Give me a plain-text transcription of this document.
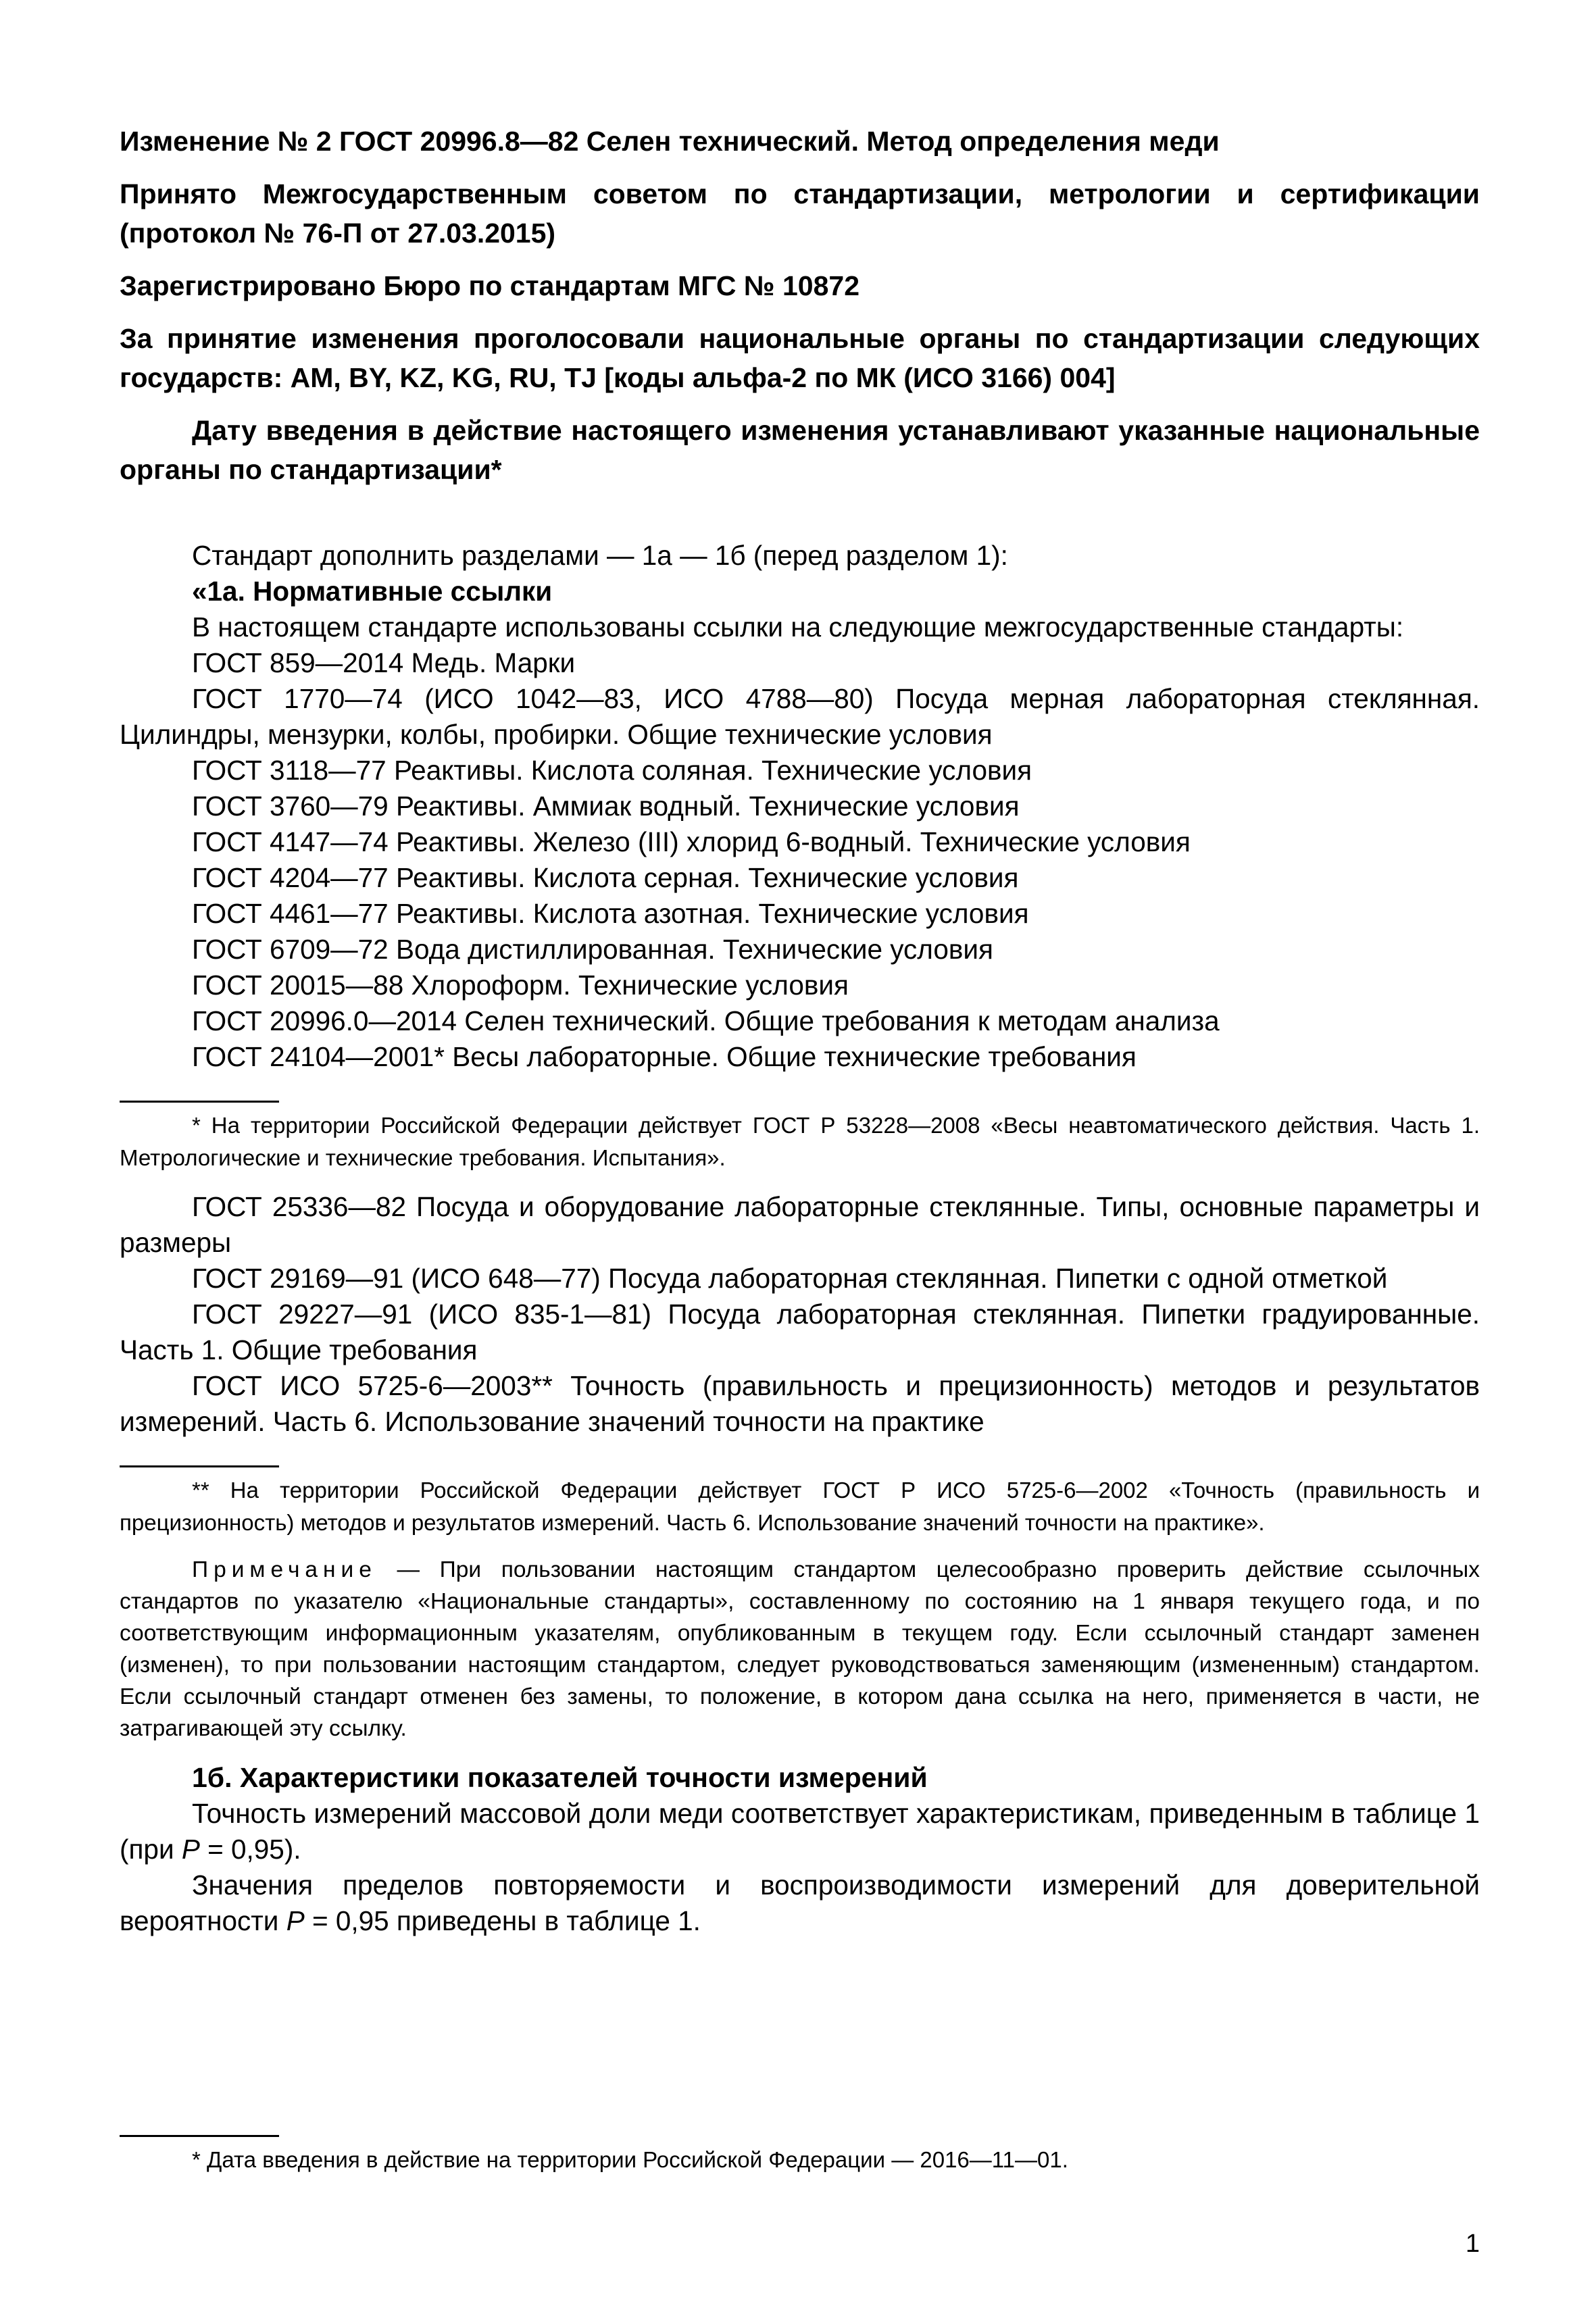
Изменение № 2 ГОСТ 20996.8—82 Селен технический. Метод определения меди

Принято Межгосударственным советом по стандартизации, метрологии и сертификации (протокол № 76-П от 27.03.2015)

Зарегистрировано Бюро по стандартам МГС № 10872

За принятие изменения проголосовали национальные органы по стандартизации следующих государств: AM, BY, KZ, KG, RU, TJ [коды альфа-2 по МК (ИСО 3166) 004]

Дату введения в действие настоящего изменения устанавливают указанные национальные органы по стандартизации*

Стандарт дополнить разделами — 1а — 1б (перед разделом 1):

«1а. Нормативные ссылки

В настоящем стандарте использованы ссылки на следующие межгосударственные стандарты:

ГОСТ 859—2014 Медь. Марки

ГОСТ 1770—74 (ИСО 1042—83, ИСО 4788—80) Посуда мерная лабораторная стеклянная. Цилиндры, мензурки, колбы, пробирки. Общие технические условия

ГОСТ 3118—77 Реактивы. Кислота соляная. Технические условия

ГОСТ 3760—79 Реактивы. Аммиак водный. Технические условия

ГОСТ 4147—74 Реактивы. Железо (III) хлорид 6-водный. Технические условия

ГОСТ 4204—77 Реактивы. Кислота серная. Технические условия

ГОСТ 4461—77 Реактивы. Кислота азотная. Технические условия

ГОСТ 6709—72 Вода дистиллированная. Технические условия

ГОСТ 20015—88 Хлороформ. Технические условия

ГОСТ 20996.0—2014 Селен технический. Общие требования к методам анализа

ГОСТ 24104—2001* Весы лабораторные. Общие технические требования

* На территории Российской Федерации действует ГОСТ Р 53228—2008 «Весы неавтоматического действия. Часть 1. Метрологические и технические требования. Испытания».

ГОСТ 25336—82 Посуда и оборудование лабораторные стеклянные. Типы, основные параметры и размеры

ГОСТ 29169—91 (ИСО 648—77) Посуда лабораторная стеклянная. Пипетки с одной отметкой

ГОСТ 29227—91 (ИСО 835-1—81) Посуда лабораторная стеклянная. Пипетки градуированные. Часть 1. Общие требования

ГОСТ ИСО 5725-6—2003** Точность (правильность и прецизионность) методов и результатов измерений. Часть 6. Использование значений точности на практике

** На территории Российской Федерации действует ГОСТ Р ИСО 5725-6—2002 «Точность (правильность и прецизионность) методов и результатов измерений. Часть 6. Использование значений точности на практике».

Примечание — При пользовании настоящим стандартом целесообразно проверить действие ссылочных стандартов по указателю «Национальные стандарты», составленному по состоянию на 1 января текущего года, и по соответствующим информационным указателям, опубликованным в текущем году. Если ссылочный стандарт заменен (изменен), то при пользовании настоящим стандартом, следует руководствоваться заменяющим (измененным) стандартом. Если ссылочный стандарт отменен без замены, то положение, в котором дана ссылка на него, применяется в части, не затрагивающей эту ссылку.

1б. Характеристики показателей точности измерений

Точность измерений массовой доли меди соответствует характеристикам, приведенным в таблице 1 (при P = 0,95).

Значения пределов повторяемости и воспроизводимости измерений для доверительной вероятности P = 0,95 приведены в таблице 1.

* Дата введения в действие на территории Российской Федерации — 2016—11—01.

1
